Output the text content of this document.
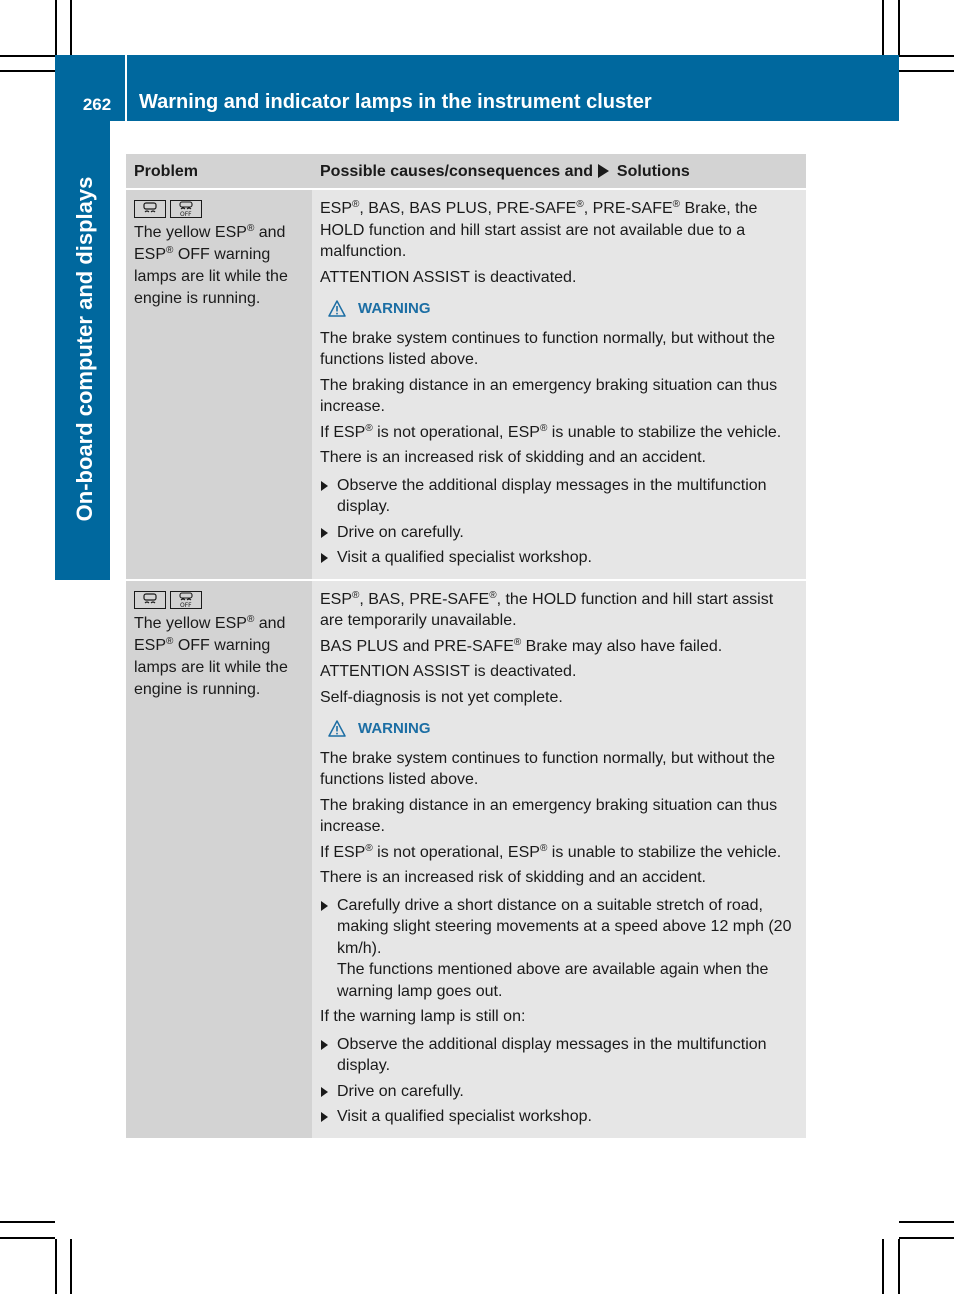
262	Warning and indicator lamps in the instrument cluster
On-board computer and displays
Problem	Possible causes/consequences and Solutions
OFF
The yellow ESP® and ESP® OFF warning lamps are lit while the engine is running.

ESP®, BAS, BAS PLUS, PRE-SAFE®, PRE-SAFE® Brake, the HOLD function and hill start assist are not available due to a malfunction.

ATTENTION ASSIST is deactivated.

WARNING

The brake system continues to function normally, but without the functions listed above.

The braking distance in an emergency braking situation can thus increase.

If ESP® is not operational, ESP® is unable to stabilize the vehicle.

There is an increased risk of skidding and an accident.

Observe the additional display messages in the multifunction display.
Drive on carefully.
Visit a qualified specialist workshop.
OFF
The yellow ESP® and ESP® OFF warning lamps are lit while the engine is running.

ESP®, BAS, PRE-SAFE®, the HOLD function and hill start assist are temporarily unavailable.

BAS PLUS and PRE-SAFE® Brake may also have failed.

ATTENTION ASSIST is deactivated.

Self-diagnosis is not yet complete.

WARNING

The brake system continues to function normally, but without the functions listed above.

The braking distance in an emergency braking situation can thus increase.

If ESP® is not operational, ESP® is unable to stabilize the vehicle.

There is an increased risk of skidding and an accident.

Carefully drive a short distance on a suitable stretch of road, making slight steering movements at a speed above 12 mph (20 km/h).
The functions mentioned above are available again when the warning lamp goes out.

If the warning lamp is still on:

Observe the additional display messages in the multifunction display.
Drive on carefully.
Visit a qualified specialist workshop.
